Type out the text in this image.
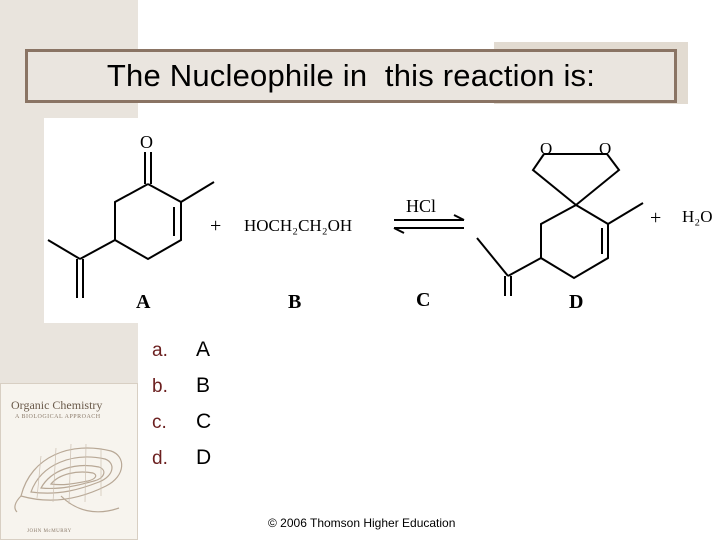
The Nucleophile in  this reaction is:
O
+ HOCH₂CH₂OH
HCl
O	O
+ H₂O
A	B	C	D
a.	A
b.	B
c.	C
d.	D
Organic Chemistry
A BIOLOGICAL APPROACH
JOHN McMURRY
© 2006 Thomson Higher Education
